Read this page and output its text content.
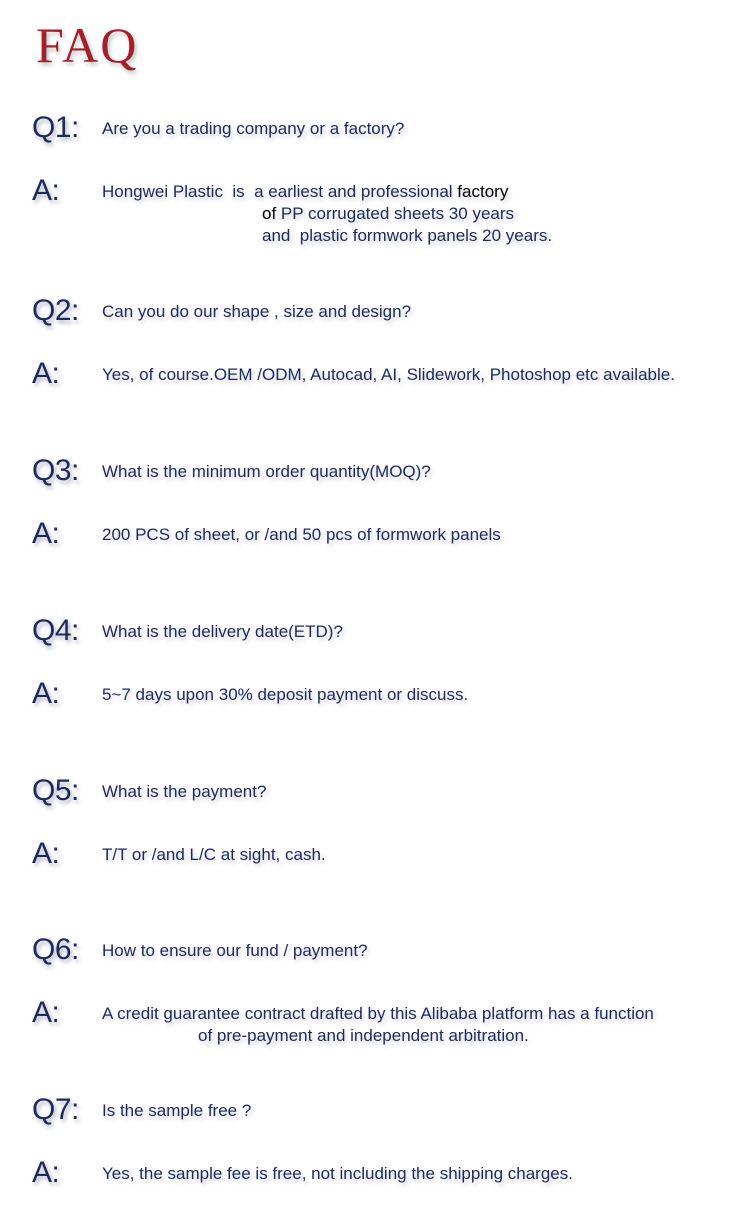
FAQ
Q1: Are you a trading company or a factory?
A:	Hongwei Plastic  is  a earliest and professional factory
of PP corrugated sheets 30 years
and  plastic formwork panels 20 years.
Q2: Can you do our shape , size and design?
A:	Yes, of course.OEM /ODM, Autocad, AI, Slidework, Photoshop etc available.
Q3: What is the minimum order quantity(MOQ)?
A:	200 PCS of sheet, or /and 50 pcs of formwork panels
Q4: What is the delivery date(ETD)?
A:	5~7 days upon 30% deposit payment or discuss.
Q5: What is the payment?
A:	T/T or /and L/C at sight, cash.
Q6: How to ensure our fund / payment?
A:	A credit guarantee contract drafted by this Alibaba platform has a function
of pre-payment and independent arbitration.
Q7: Is the sample free ?
A:	Yes, the sample fee is free, not including the shipping charges.
